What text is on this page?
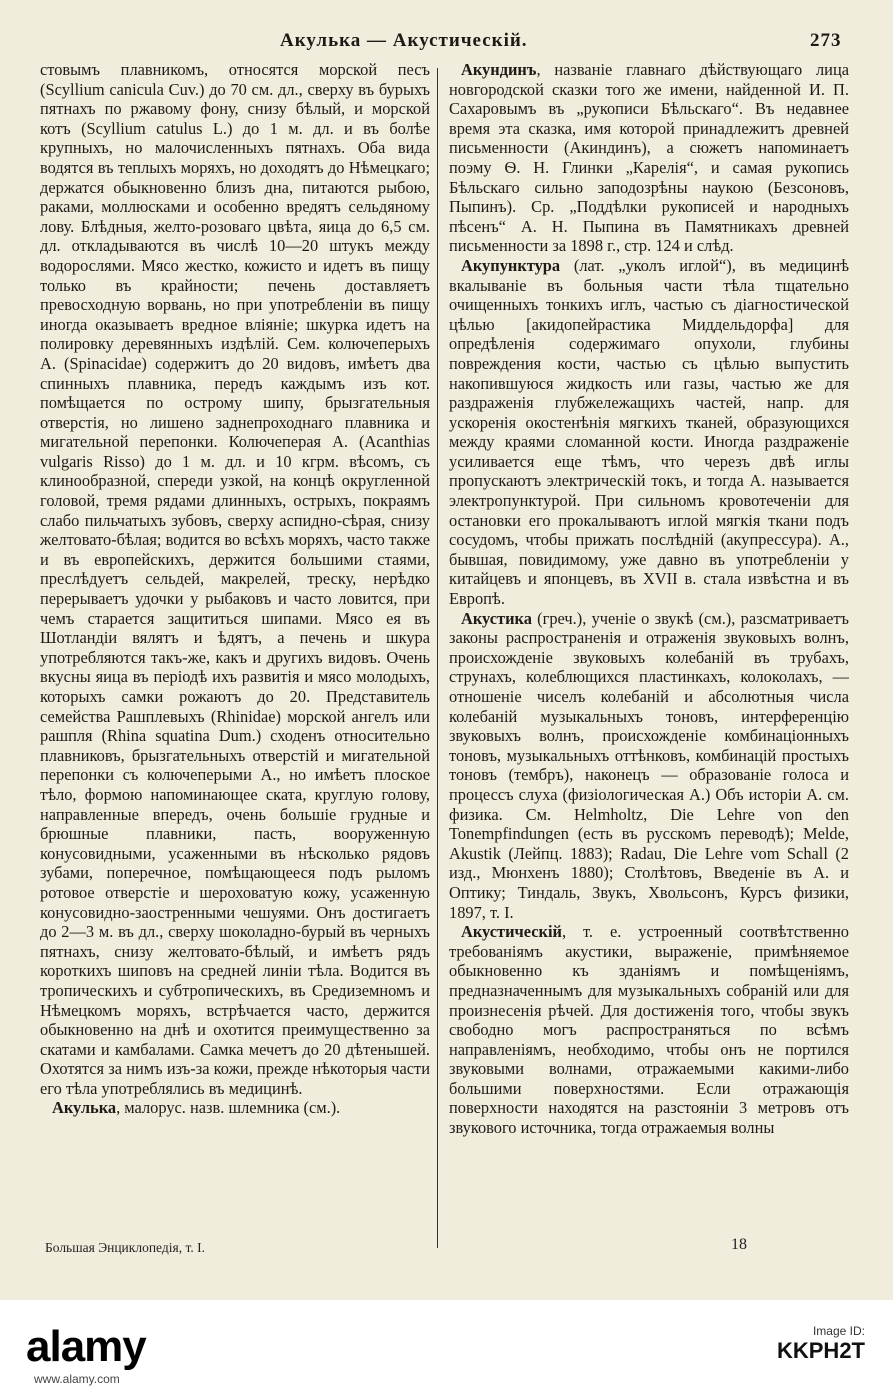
Акулька — Акустическій.	273

стовымъ плавникомъ, относятся морской песъ (Scyllium canicula Cuv.) до 70 см. дл., сверху въ бурыхъ пятнахъ по ржавому фону, снизу бѣлый, и морской котъ (Scyllium catulus L.) до 1 м. дл. и въ болѣе крупныхъ, но малочисленныхъ пятнахъ. Оба вида водятся въ теплыхъ моряхъ, но доходятъ до Нѣмецкаго; держатся обыкновенно близъ дна, питаются рыбою, раками, моллюсками и особенно вредятъ сельдяному лову. Блѣдныя, желто-розоваго цвѣта, яица до 6,5 см. дл. откладываются въ числѣ 10—20 штукъ между водорослями. Мясо жестко, кожисто и идетъ въ пищу только въ крайности; печень доставляетъ превосходную ворвань, но при употребленіи въ пищу иногда оказываетъ вредное вліяніе; шкурка идетъ на полировку деревянныхъ издѣлій. Сем. колючеперыхъ А. (Spinacidae) содержитъ до 20 видовъ, имѣетъ два спинныхъ плавника, передъ каждымъ изъ кот. помѣщается по острому шипу, брызгательныя отверстія, но лишено заднепроходнаго плавника и мигательной перепонки. Колючеперая А. (Acanthias vulgaris Risso) до 1 м. дл. и 10 кгрм. вѣсомъ, съ клинообразной, спереди узкой, на концѣ округленной головой, тремя рядами длинныхъ, острыхъ, покраямъ слабо пильчатыхъ зубовъ, сверху аспидно-сѣрая, снизу желтовато-бѣлая; водится во всѣхъ моряхъ, часто также и въ европейскихъ, держится большими стаями, преслѣдуетъ сельдей, макрелей, треску, нерѣдко перерываетъ удочки у рыбаковъ и часто ловится, при чемъ старается защититься шипами. Мясо ея въ Шотландіи вялятъ и ѣдятъ, а печень и шкура употребляются такъ-же, какъ и другихъ видовъ. Очень вкусны яица въ періодѣ ихъ развитія и мясо молодыхъ, которыхъ самки рожаютъ до 20. Представитель семейства Рашплевыхъ (Rhinidae) морской ангелъ или рашпля (Rhina squatina Dum.) сходенъ относительно плавниковъ, брызгательныхъ отверстій и мигательной перепонки съ колючеперыми А., но имѣетъ плоское тѣло, формою напоминающее ската, круглую голову, направленные впередъ, очень большіе грудные и брюшные плавники, пасть, вооруженную конусовидными, усаженными въ нѣсколько рядовъ зубами, поперечное, помѣщающееся подъ рыломъ ротовое отверстіе и шероховатую кожу, усаженную конусовидно-заостренными чешуями. Онъ достигаетъ до 2—3 м. въ дл., сверху шоколадно-бурый въ черныхъ пятнахъ, снизу желтовато-бѣлый, и имѣетъ рядъ короткихъ шиповъ на средней линіи тѣла. Водится въ тропическихъ и субтропическихъ, въ Средиземномъ и Нѣмецкомъ моряхъ, встрѣчается часто, держится обыкновенно на днѣ и охотится преимущественно за скатами и камбалами. Самка мечетъ до 20 дѣтенышей. Охотятся за нимъ изъ-за кожи, прежде нѣкоторыя части его тѣла употреблялись въ медицинѣ.

Акулька, малорус. назв. шлемника (см.).

Акундинъ, названіе главнаго дѣйствующаго лица новгородской сказки того же имени, найденной И. П. Сахаровымъ въ „рукописи Бѣльскаго“. Въ недавнее время эта сказка, имя которой принадлежитъ древней письменности (Акиндинъ), а сюжетъ напоминаетъ поэму Ѳ. Н. Глинки „Карелія“, и самая рукопись Бѣльскаго сильно заподозрѣны наукою (Безсоновъ, Пыпинъ). Ср. „Поддѣлки рукописей и народныхъ пѣсенъ“ А. Н. Пыпина въ Памятникахъ древней письменности за 1898 г., стр. 124 и слѣд.

Акупунктура (лат. „уколъ иглой“), въ медицинѣ вкалываніе въ больныя части тѣла тщательно очищенныхъ тонкихъ иглъ, частью съ діагностической цѣлью [акидопейрастика Миддельдорфа] для опредѣленія содержимаго опухоли, глубины повреждения кости, частью съ цѣлью выпустить накопившуюся жидкость или газы, частью же для раздраженія глубжележащихъ частей, напр. для ускоренія окостенѣнія мягкихъ тканей, образующихся между краями сломанной кости. Иногда раздраженіе усиливается еще тѣмъ, что черезъ двѣ иглы пропускаютъ электрическій токъ, и тогда А. называется электропунктурой. При сильномъ кровотеченіи для остановки его прокалываютъ иглой мягкія ткани подъ сосудомъ, чтобы прижать послѣдній (акупрессура). А., бывшая, повидимому, уже давно въ употребленіи у китайцевъ и японцевъ, въ XVII в. стала извѣстна и въ Европѣ.

Акустика (греч.), ученіе о звукѣ (см.), разсматриваетъ законы распространенія и отраженія звуковыхъ волнъ, происхожденіе звуковыхъ колебаній въ трубахъ, струнахъ, колеблющихся пластинкахъ, колоколахъ, — отношеніе чиселъ колебаній и абсолютныя числа колебаній музыкальныхъ тоновъ, интерференцію звуковыхъ волнъ, происхожденіе комбинаціонныхъ тоновъ, музыкальныхъ оттѣнковъ, комбинацій простыхъ тоновъ (тембръ), наконецъ — образованіе голоса и процессъ слуха (физіологическая А.) Объ исторіи А. см. физика. См. Helmholtz, Die Lehre von den Tonempfindungen (есть въ русскомъ переводѣ); Melde, Akustik (Лейпц. 1883); Radau, Die Lehre vom Schall (2 изд., Мюнхенъ 1880); Столѣтовъ, Введеніе въ А. и Оптику; Тиндаль, Звукъ, Хвольсонъ, Курсъ физики, 1897, т. I.

Акустическій, т. е. устроенный соотвѣтственно требованіямъ акустики, выраженіе, примѣняемое обыкновенно къ зданіямъ и помѣщеніямъ, предназначеннымъ для музыкальныхъ собраній или для произнесенія рѣчей. Для достиженія того, чтобы звукъ свободно могъ распространяться по всѣмъ направленіямъ, необходимо, чтобы онъ не портился звуковыми волнами, отражаемыми какими-либо большими поверхностями. Если отражающія поверхности находятся на разстояніи 3 метровъ отъ звукового источника, тогда отражаемыя волны

Большая Энциклопедія, т. I.	18
alamy
www.alamy.com
Image ID:
KKPH2T
